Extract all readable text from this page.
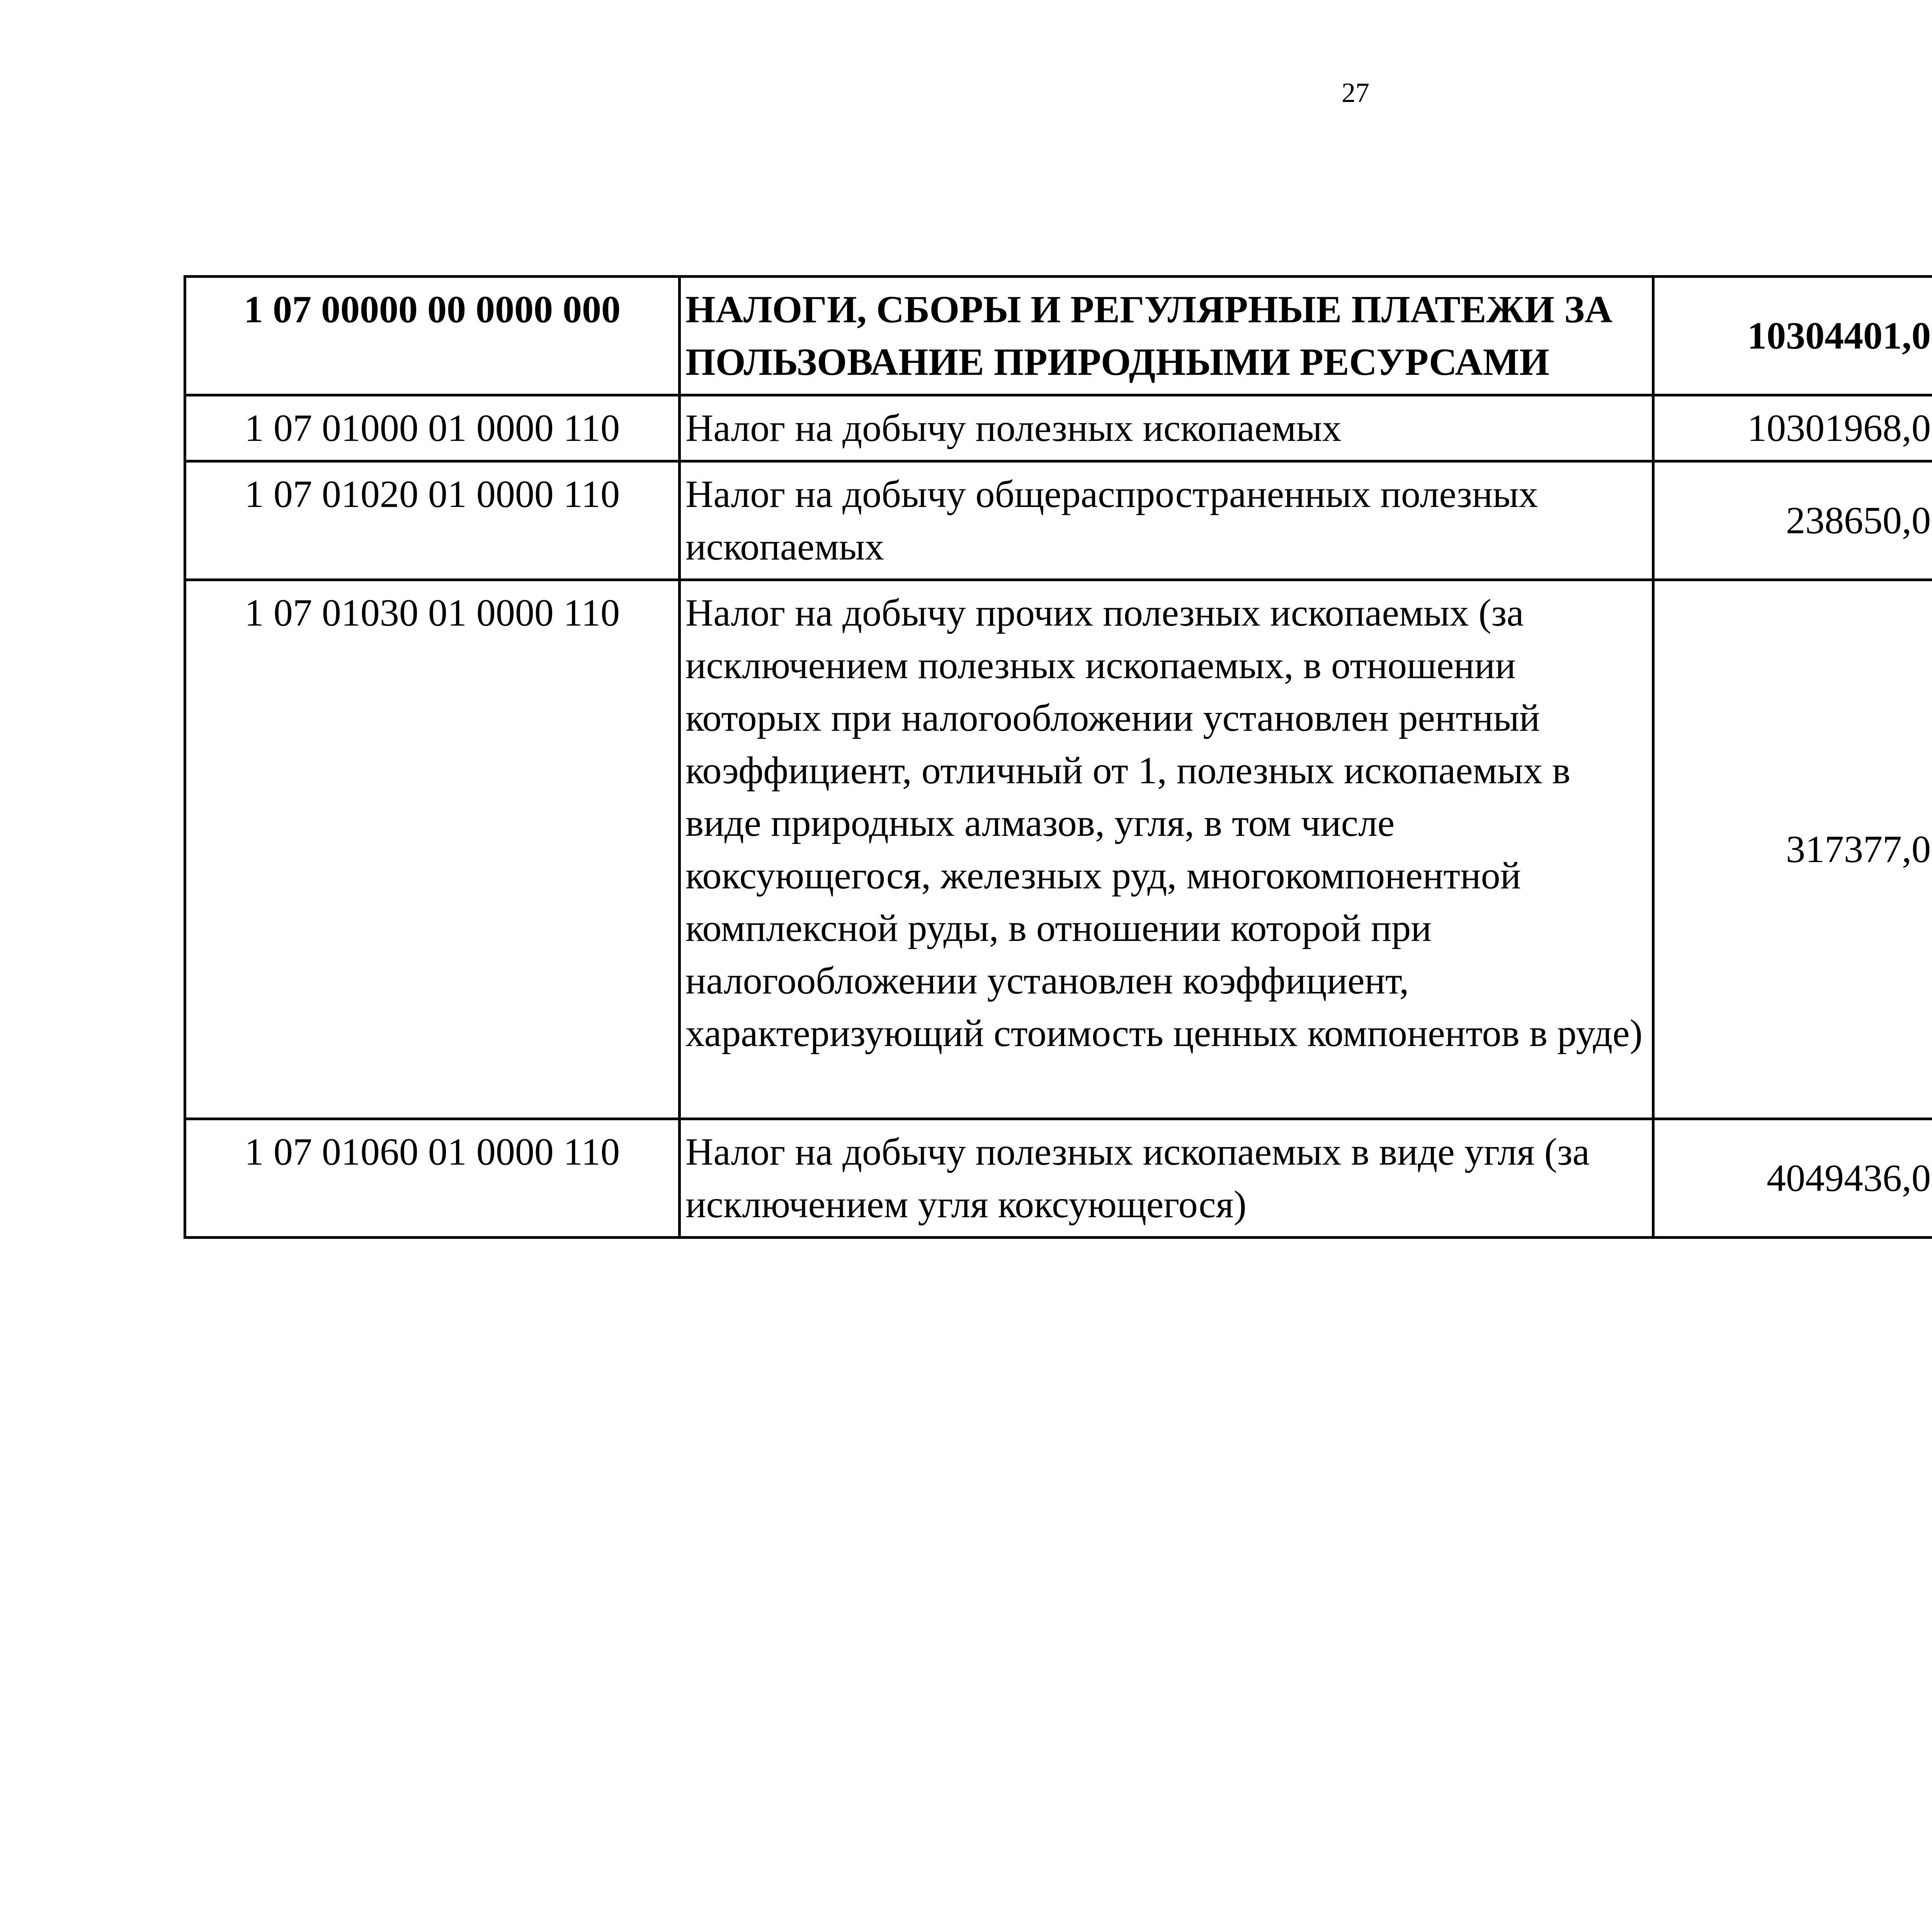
27
1 07 00000 00 0000 000	НАЛОГИ, СБОРЫ И РЕГУЛЯРНЫЕ ПЛАТЕЖИ ЗА ПОЛЬЗОВАНИЕ ПРИРОДНЫМИ РЕСУРСАМИ	10304401,0		
1 07 01000 01 0000 110	Налог на добычу полезных ископаемых	10301968,0		
1 07 01020 01 0000 110	Налог на добычу общераспространенных полезных ископаемых	238650,0		
1 07 01030 01 0000 110	Налог на добычу прочих полезных ископаемых (за исключением полезных ископаемых, в отношении которых при налогообложении установлен рентный коэффициент, отличный от 1, полезных ископаемых в виде природных алмазов, угля, в том числе коксующегося, железных руд, многокомпонентной комплексной руды, в отношении которой при налогообложении установлен коэффициент, характеризующий стоимость ценных компонентов в руде)	317377,0		
1 07 01060 01 0000 110	Налог на добычу полезных ископаемых в виде угля (за исключением угля коксующегося)	4049436,0		
